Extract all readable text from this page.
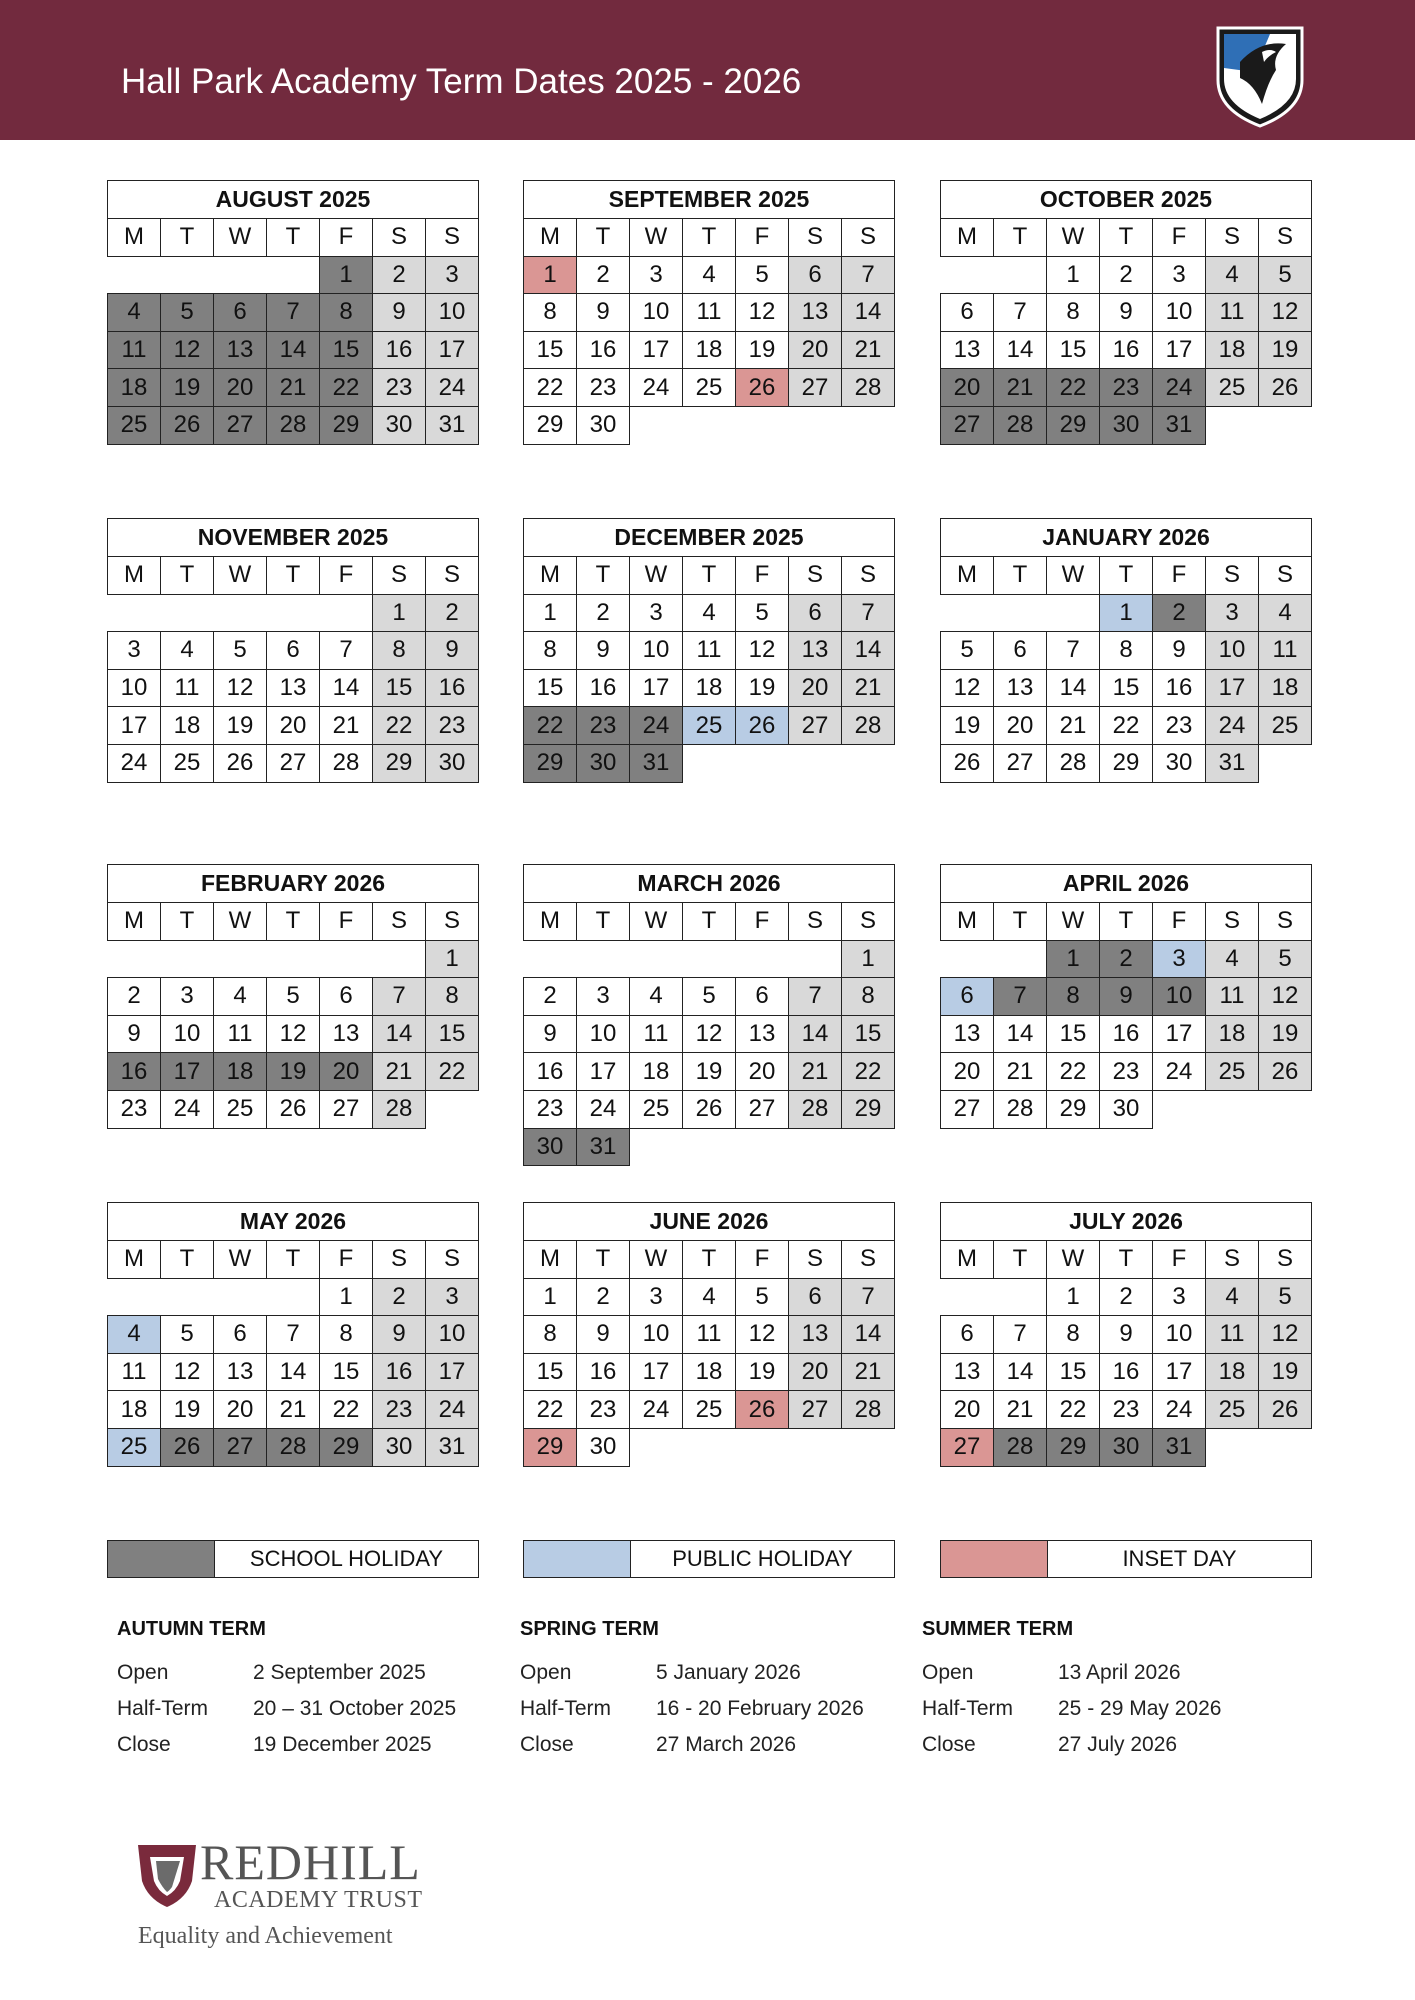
Hall Park Academy Term Dates 2025 - 2026
AUGUST 2025						
M	T	W	T	F	S	S
				1	2	3
4	5	6	7	8	9	10
11	12	13	14	15	16	17
18	19	20	21	22	23	24
25	26	27	28	29	30	31
SEPTEMBER 2025						
M	T	W	T	F	S	S
1	2	3	4	5	6	7
8	9	10	11	12	13	14
15	16	17	18	19	20	21
22	23	24	25	26	27	28
29	30					
OCTOBER 2025						
M	T	W	T	F	S	S
		1	2	3	4	5
6	7	8	9	10	11	12
13	14	15	16	17	18	19
20	21	22	23	24	25	26
27	28	29	30	31		
NOVEMBER 2025						
M	T	W	T	F	S	S
					1	2
3	4	5	6	7	8	9
10	11	12	13	14	15	16
17	18	19	20	21	22	23
24	25	26	27	28	29	30
DECEMBER 2025						
M	T	W	T	F	S	S
1	2	3	4	5	6	7
8	9	10	11	12	13	14
15	16	17	18	19	20	21
22	23	24	25	26	27	28
29	30	31				
JANUARY 2026						
M	T	W	T	F	S	S
			1	2	3	4
5	6	7	8	9	10	11
12	13	14	15	16	17	18
19	20	21	22	23	24	25
26	27	28	29	30	31	
FEBRUARY 2026						
M	T	W	T	F	S	S
						1
2	3	4	5	6	7	8
9	10	11	12	13	14	15
16	17	18	19	20	21	22
23	24	25	26	27	28	
MARCH 2026						
M	T	W	T	F	S	S
						1
2	3	4	5	6	7	8
9	10	11	12	13	14	15
16	17	18	19	20	21	22
23	24	25	26	27	28	29
30	31					
APRIL 2026						
M	T	W	T	F	S	S
		1	2	3	4	5
6	7	8	9	10	11	12
13	14	15	16	17	18	19
20	21	22	23	24	25	26
27	28	29	30			
MAY 2026						
M	T	W	T	F	S	S
				1	2	3
4	5	6	7	8	9	10
11	12	13	14	15	16	17
18	19	20	21	22	23	24
25	26	27	28	29	30	31
JUNE 2026						
M	T	W	T	F	S	S
1	2	3	4	5	6	7
8	9	10	11	12	13	14
15	16	17	18	19	20	21
22	23	24	25	26	27	28
29	30					
JULY 2026						
M	T	W	T	F	S	S
		1	2	3	4	5
6	7	8	9	10	11	12
13	14	15	16	17	18	19
20	21	22	23	24	25	26
27	28	29	30	31		
SCHOOL HOLIDAY	PUBLIC HOLIDAY	INSET DAY
AUTUMN TERM
Open	2 September 2025
Half-Term	20 – 31 October 2025
Close	19 December 2025
SPRING TERM
Open	5 January 2026
Half-Term	16 - 20 February 2026
Close	27 March 2026
SUMMER TERM
Open	13 April 2026
Half-Term	25 - 29 May 2026
Close	27 July 2026
REDHILL
ACADEMY TRUST
Equality and Achievement
